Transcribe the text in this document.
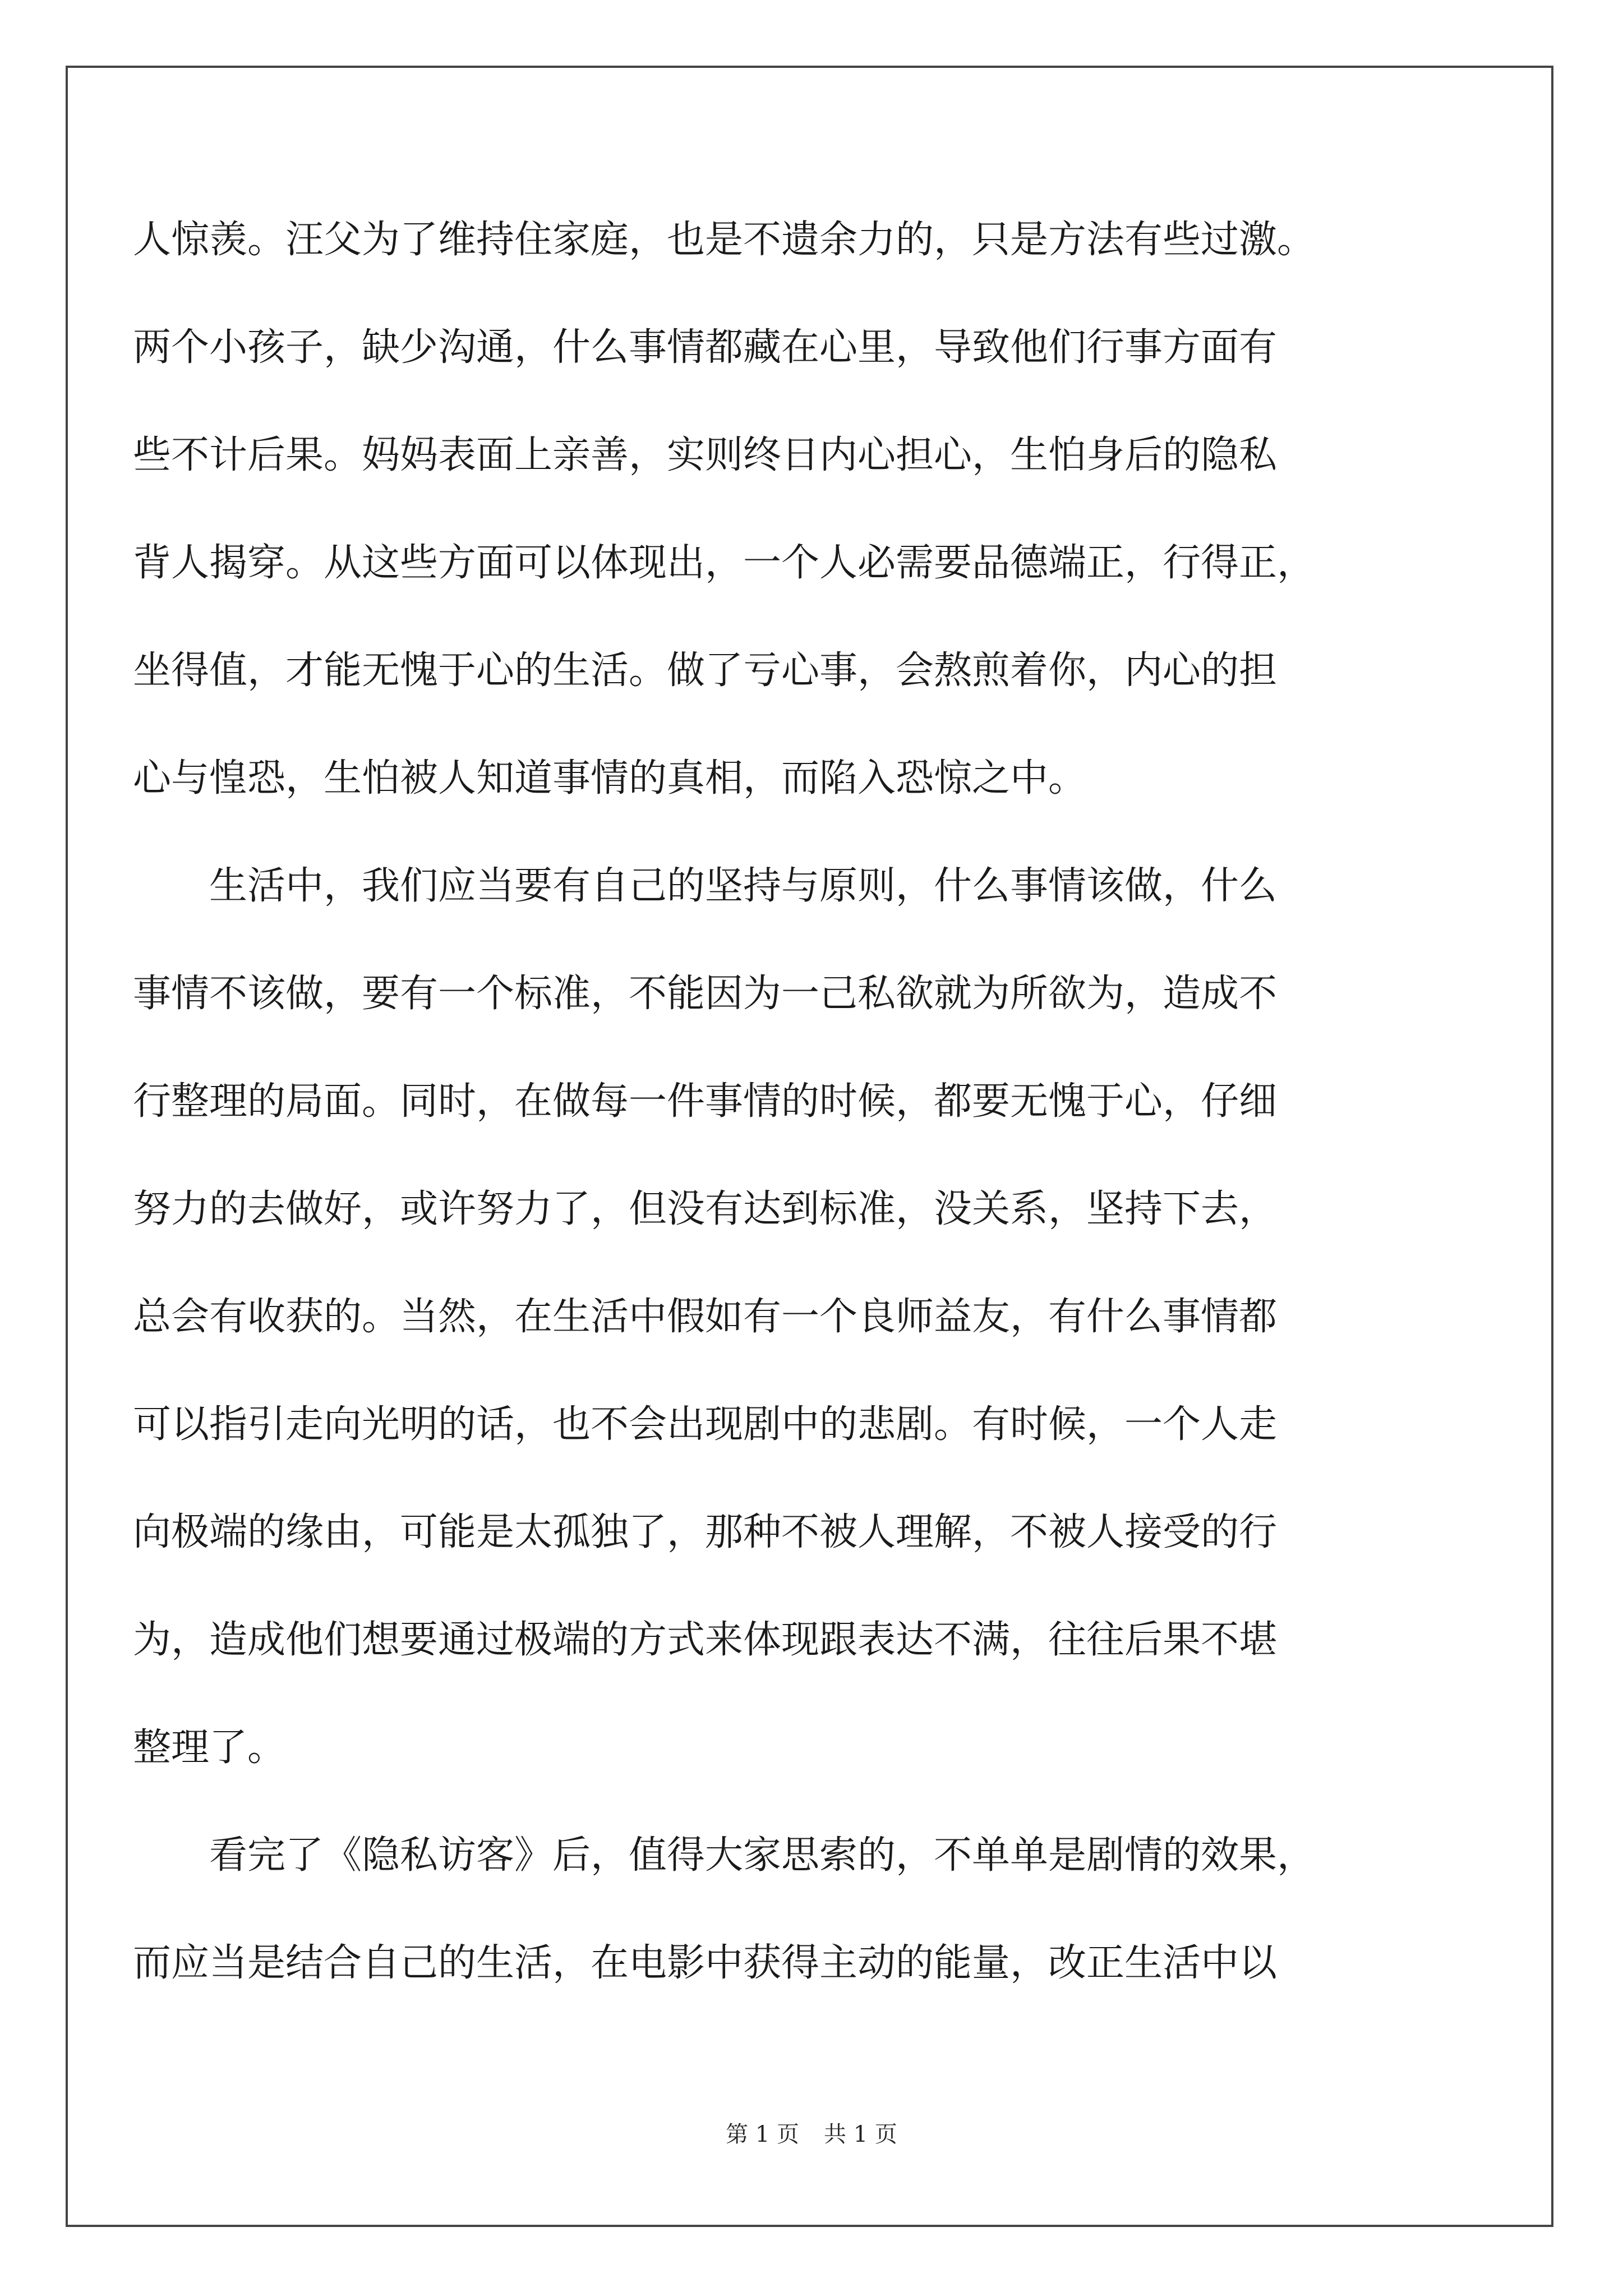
人惊羡。汪父为了维持住家庭，也是不遗余力的，只是方法有些过激。
两个小孩子，缺少沟通，什么事情都藏在心里，导致他们行事方面有
些不计后果。妈妈表面上亲善，实则终日内心担心，生怕身后的隐私
背人揭穿。从这些方面可以体现出，一个人必需要品德端正，行得正，
坐得值，才能无愧于心的生活。做了亏心事，会熬煎着你，内心的担
心与惶恐，生怕被人知道事情的真相，而陷入恐惊之中。
生活中，我们应当要有自己的坚持与原则，什么事情该做，什么
事情不该做，要有一个标准，不能因为一己私欲就为所欲为，造成不
行整理的局面。同时，在做每一件事情的时候，都要无愧于心，仔细
努力的去做好，或许努力了，但没有达到标准，没关系，坚持下去，
总会有收获的。当然，在生活中假如有一个良师益友，有什么事情都
可以指引走向光明的话，也不会出现剧中的悲剧。有时候，一个人走
向极端的缘由，可能是太孤独了，那种不被人理解，不被人接受的行
为，造成他们想要通过极端的方式来体现跟表达不满，往往后果不堪
整理了。
看完了《隐私访客》后，值得大家思索的，不单单是剧情的效果，
而应当是结合自己的生活，在电影中获得主动的能量，改正生活中以
第 1 页 共 1 页
